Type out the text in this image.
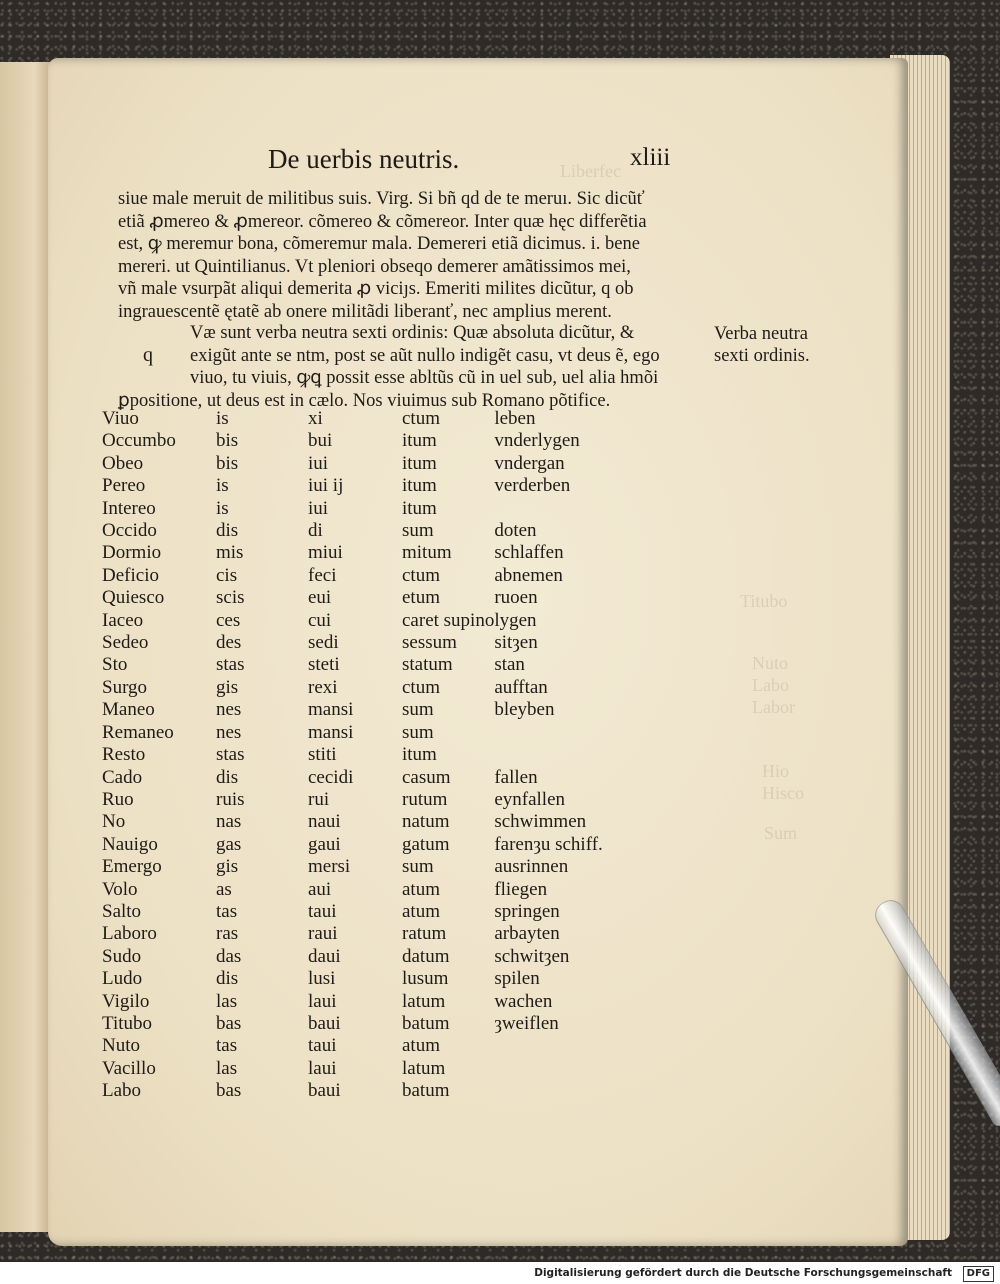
Liberfec
Titubo
Nuto
Labo
Labor
Hio
Hisco
Sum
De uerbis neutris.	xliii
siue male meruit de militibus suis. Virg. Si bñ qd de te meruı. Sic dicũť
etiã ꝓmereo & ꝓmereor. cõmereo & cõmereor. Inter quæ hęc differẽtia
est, ꝙ meremur bona, cõmeremur mala. Demereri etiã dicimus. i. bene
mereri. ut Quintilianus. Vt pleniori obseqo demerer amãtissimos mei,
vñ male vsurpãt aliqui demerita ꝓ viciȷs. Emeriti milites dicũtur, q ob
ingrauescentẽ ętatẽ ab onere militãdi liberanť, nec amplius merent.
Væ sunt verba neutra sexti ordinis: Quæ absoluta dicũtur, &
exigũt ante se ntm, post se aũt nullo indigẽt casu, vt deus ẽ, ego
viuo, tu viuis, ꝙꝗ possit esse abltũs cũ in uel sub, uel alia hmõi
ꝑpositione, ut deus est in cælo. Nos viuimus sub Romano põtifice.
q
Verba neutra
sexti ordinis.
Viuo	is	xi	ctum	leben
Occumbo	bis	bui	itum	vnderlygen
Obeo	bis	iui	itum	vndergan
Pereo	is	iui ij	itum	verderben
Intereo	is	iui	itum	
Occido	dis	di	sum	doten
Dormio	mis	miui	mitum	schlaffen
Deficio	cis	feci	ctum	abnemen
Quiesco	scis	eui	etum	ruoen
Iaceo	ces	cui	caret supino	lygen
Sedeo	des	sedi	sessum	sitȝen
Sto	stas	steti	statum	stan
Surgo	gis	rexi	ctum	aufftan
Maneo	nes	mansi	sum	bleyben
Remaneo	nes	mansi	sum	
Resto	stas	stiti	itum	
Cado	dis	cecidi	casum	fallen
Ruo	ruis	rui	rutum	eynfallen
No	nas	naui	natum	schwimmen
Nauigo	gas	gaui	gatum	farenȝu schiff.
Emergo	gis	mersi	sum	ausrinnen
Volo	as	aui	atum	fliegen
Salto	tas	taui	atum	springen
Laboro	ras	raui	ratum	arbayten
Sudo	das	daui	datum	schwitȝen
Ludo	dis	lusi	lusum	spilen
Vigilo	las	laui	latum	wachen
Titubo	bas	baui	batum	ȝweiflen
Nuto	tas	taui	atum	
Vacillo	las	laui	latum	
Labo	bas	baui	batum	
Digitalisierung gefördert durch die Deutsche Forschungsgemeinschaft	DFG
